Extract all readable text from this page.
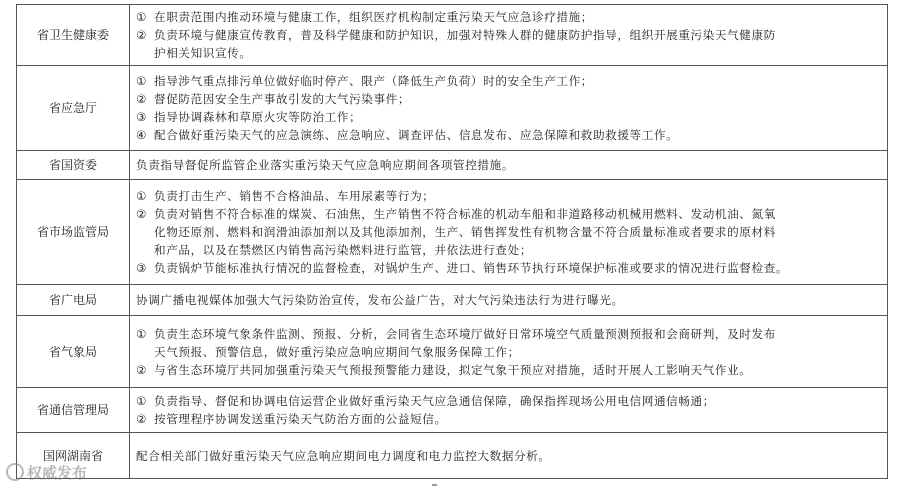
省卫生健康委	① 在职责范围内推动环境与健康工作，组织医疗机构制定重污染天气应急诊疗措施；
② 负责环境与健康宣传教育，普及科学健康和防护知识，加强对特殊人群的健康防护指导，组织开展重污染天气健康防
护相关知识宣传。

省应急厅	① 指导涉气重点排污单位做好临时停产、限产（降低生产负荷）时的安全生产工作；
② 督促防范因安全生产事故引发的大气污染事件；
③ 指导协调森林和草原火灾等防治工作；
④ 配合做好重污染天气的应急演练、应急响应、调查评估、信息发布、应急保障和救助救援等工作。

省国资委	负责指导督促所监管企业落实重污染天气应急响应期间各项管控措施。

省市场监管局	① 负责打击生产、销售不合格油品、车用尿素等行为；
② 负责对销售不符合标准的煤炭、石油焦，生产销售不符合标准的机动车船和非道路移动机械用燃料、发动机油、氮氧
化物还原剂、燃料和润滑油添加剂以及其他添加剂，生产、销售挥发性有机物含量不符合质量标准或者要求的原材料
和产品，以及在禁燃区内销售高污染燃料进行监管，并依法进行查处；
③ 负责锅炉节能标准执行情况的监督检查，对锅炉生产、进口、销售环节执行环境保护标准或要求的情况进行监督检查。

省广电局	协调广播电视媒体加强大气污染防治宣传，发布公益广告，对大气污染违法行为进行曝光。

省气象局	① 负责生态环境气象条件监测、预报、分析，会同省生态环境厅做好日常环境空气质量预测预报和会商研判，及时发布
天气预报、预警信息，做好重污染应急响应期间气象服务保障工作；
② 与省生态环境厅共同加强重污染天气预报预警能力建设，拟定气象干预应对措施，适时开展人工影响天气作业。

省通信管理局	① 负责指导、督促和协调电信运营企业做好重污染天气应急通信保障，确保指挥现场公用电信网通信畅通；
② 按管理程序协调发送重污染天气防治方面的公益短信。

国网湖南省	配合相关部门做好重污染天气应急响应期间电力调度和电力监控大数据分析。
权威发布
